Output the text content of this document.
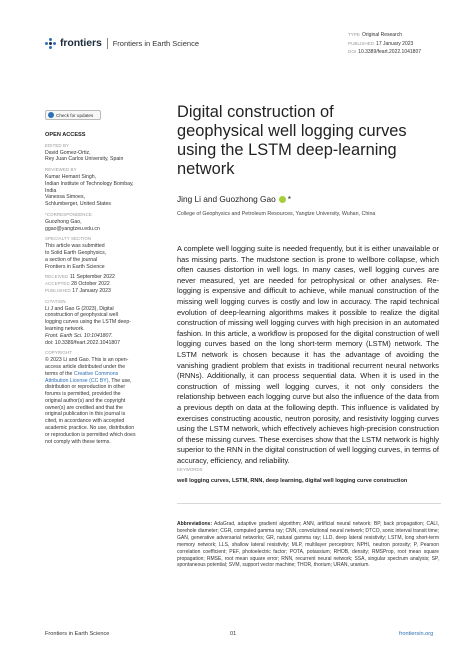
frontiers Frontiers in Earth Science
TYPE Original Research
PUBLISHED 17 January 2023
DOI 10.3389/feart.2022.1041807
Check for updates
OPEN ACCESS
EDITED BY
David Gomez-Ortiz,
Rey Juan Carlos University, Spain
REVIEWED BY
Kumar Hemant Singh,
Indian Institute of Technology Bombay,
India
Vanessa Simoes,
Schlumberger, United States
*CORRESPONDENCE
Guozhong Gao,
ggao@yangtzeu.edu.cn
SPECIALTY SECTION
This article was submitted
to Solid Earth Geophysics,
a section of the journal
Frontiers in Earth Science
RECEIVED 11 September 2022
ACCEPTED 28 October 2022
PUBLISHED 17 January 2023
CITATION
Li J and Gao G (2023), Digital
construction of geophysical well
logging curves using the LSTM deep-
learning network.
Front. Earth Sci. 10:1041807.
doi: 10.3389/feart.2022.1041807
COPYRIGHT
© 2023 Li and Gao. This is an open-
access article distributed under the
terms of the Creative Commons
Attribution License (CC BY). The use,
distribution or reproduction in other
forums is permitted, provided the
original author(s) and the copyright
owner(s) are credited and that the
original publication in this journal is
cited, in accordance with accepted
academic practice. No use, distribution
or reproduction is permitted which does
not comply with these terms.
Digital construction of
geophysical well logging curves
using the LSTM deep-learning
network
Jing Li and Guozhong Gao *
College of Geophysics and Petroleum Resources, Yangtze University, Wuhan, China
A complete well logging suite is needed frequently, but it is either unavailable or has missing parts. The mudstone section is prone to wellbore collapse, which often causes distortion in well logs. In many cases, well logging curves are never measured, yet are needed for petrophysical or other analyses. Re-logging is expensive and difficult to achieve, while manual construction of the missing well logging curves is costly and low in accuracy. The rapid technical evolution of deep-learning algorithms makes it possible to realize the digital construction of missing well logging curves with high precision in an automated fashion. In this article, a workflow is proposed for the digital construction of well logging curves based on the long short-term memory (LSTM) network. The LSTM network is chosen because it has the advantage of avoiding the vanishing gradient problem that exists in traditional recurrent neural networks (RNNs). Additionally, it can process sequential data. When it is used in the construction of missing well logging curves, it not only considers the relationship between each logging curve but also the influence of the data from a previous depth on data at the following depth. This influence is validated by exercises constructing acoustic, neutron porosity, and resistivity logging curves using the LSTM network, which effectively achieves high-precision construction of these missing curves. These exercises show that the LSTM network is highly superior to the RNN in the digital construction of well logging curves, in terms of accuracy, efficiency, and reliability.
KEYWORDS
well logging curves, LSTM, RNN, deep learning, digital well logging curve construction
Abbreviations: AdaGrad, adaptive gradient algorithm; ANN, artificial neural network; BP, back propagation; CALI, borehole diameter; CGR, computed gamma ray; CNN, convolutional neural network; DTCO, sonic interval transit time; GAN, generative adversarial networks; GR, natural gamma ray; LLD, deep lateral resistivity; LSTM, long short-term memory network; LLS, shallow lateral resistivity; MLP, multilayer perceptron; NPHI, neutron porosity; P, Pearson correlation coefficient; PEF, photoelectric factor; POTA, potassium; RHOB, density; RMSProp, root mean square propagation; RMSE, root mean square error; RNN, recurrent neural network; SSA, singular spectrum analysis; SP, spontaneous potential; SVM, support vector machine; THOR, thorium; URAN, uranium.
Frontiers in Earth Science	01	frontiersin.org
